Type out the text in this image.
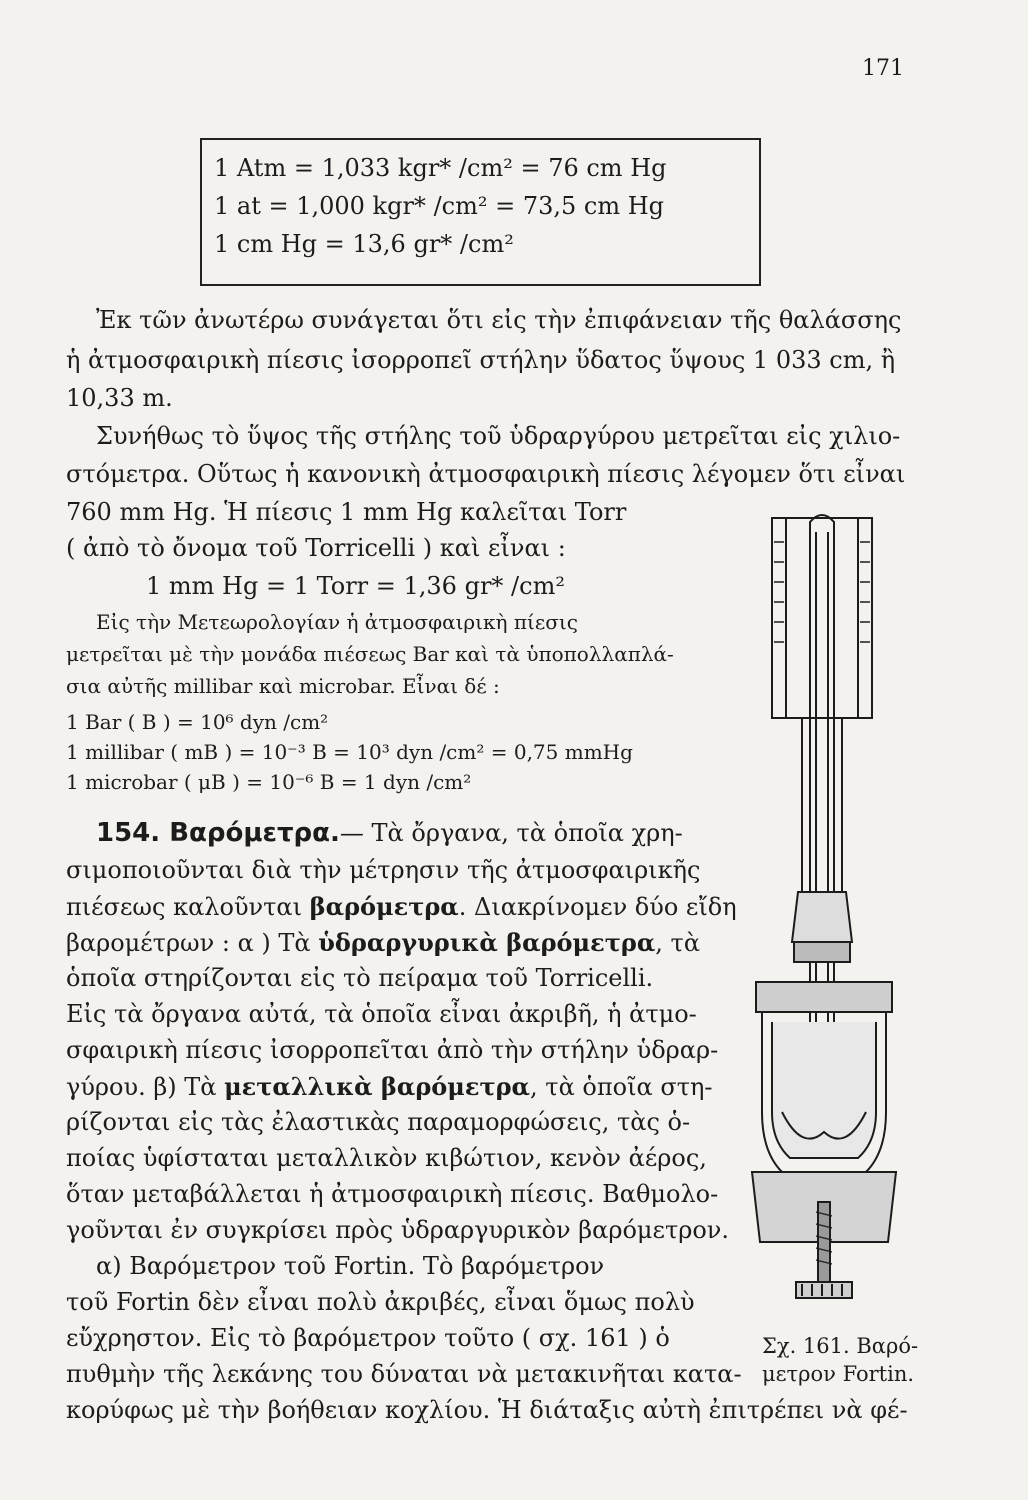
171
1 Atm = 1,033 kgr* /cm² = 76 cm Hg
1 at = 1,000 kgr* /cm² = 73,5 cm Hg
1 cm Hg = 13,6 gr* /cm²
Ἐκ τῶν ἀνωτέρω συνάγεται ὅτι εἰς τὴν ἐπιφάνειαν τῆς θαλάσσης
ἡ ἀτμοσφαιρικὴ πίεσις ἰσορροπεῖ στήλην ὕδατος ὕψους 1 033 cm, ἢ
10,33 m.
Συνήθως τὸ ὕψος τῆς στήλης τοῦ ὑδραργύρου μετρεῖται εἰς χιλιο-
στόμετρα. Οὕτως ἡ κανονικὴ ἀτμοσφαιρικὴ πίεσις λέγομεν ὅτι εἶναι
760 mm Hg. Ἡ πίεσις 1 mm Hg καλεῖται Torr
( ἀπὸ τὸ ὄνομα τοῦ Torricelli ) καὶ εἶναι :
1 mm Hg = 1 Torr = 1,36 gr* /cm²
Εἰς τὴν Μετεωρολογίαν ἡ ἀτμοσφαιρικὴ πίεσις
μετρεῖται μὲ τὴν μονάδα πιέσεως Bar καὶ τὰ ὑποπολλαπλά-
σια αὐτῆς millibar καὶ microbar. Εἶναι δέ :
1 Bar ( B ) = 10⁶ dyn /cm²
1 millibar ( mB ) = 10⁻³ B = 10³ dyn /cm² = 0,75 mmHg
1 microbar ( μB ) = 10⁻⁶ B = 1 dyn /cm²
154. Βαρόμετρα.— Τὰ ὄργανα, τὰ ὁποῖα χρη-
σιμοποιοῦνται διὰ τὴν μέτρησιν τῆς ἀτμοσφαιρικῆς
πιέσεως καλοῦνται βαρόμετρα. Διακρίνομεν δύο εἴδη
βαρομέτρων : α ) Τὰ ὑδραργυρικὰ βαρόμετρα, τὰ
ὁποῖα στηρίζονται εἰς τὸ πείραμα τοῦ Torricelli.
Εἰς τὰ ὄργανα αὐτά, τὰ ὁποῖα εἶναι ἀκριβῆ, ἡ ἀτμο-
σφαιρικὴ πίεσις ἰσορροπεῖται ἀπὸ τὴν στήλην ὑδραρ-
γύρου. β) Τὰ μεταλλικὰ βαρόμετρα, τὰ ὁποῖα στη-
ρίζονται εἰς τὰς ἐλαστικὰς παραμορφώσεις, τὰς ὁ-
ποίας ὑφίσταται μεταλλικὸν κιβώτιον, κενὸν ἀέρος,
ὅταν μεταβάλλεται ἡ ἀτμοσφαιρικὴ πίεσις. Βαθμολο-
γοῦνται ἐν συγκρίσει πρὸς ὑδραργυρικὸν βαρόμετρον.
α) Βαρόμετρον τοῦ Fortin. Τὸ βαρόμετρον
τοῦ Fortin δὲν εἶναι πολὺ ἀκριβές, εἶναι ὅμως πολὺ
εὔχρηστον. Εἰς τὸ βαρόμετρον τοῦτο ( σχ. 161 ) ὁ
πυθμὴν τῆς λεκάνης του δύναται νὰ μετακινῆται κατα-
κορύφως μὲ τὴν βοήθειαν κοχλίου. Ἡ διάταξις αὐτὴ ἐπιτρέπει νὰ φέ-
Σχ. 161. Βαρό-
μετρον Fortin.
